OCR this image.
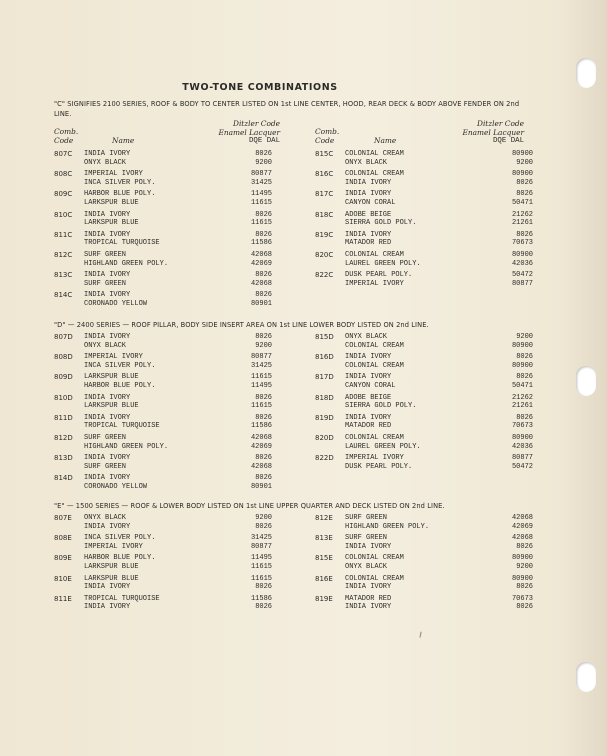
TWO-TONE COMBINATIONS
"C" SIGNIFIES 2100 SERIES, ROOF & BODY TO CENTER LISTED ON 1st LINE CENTER, HOOD, REAR DECK & BODY ABOVE FENDER ON 2nd LINE.
Comb.
Code	Name
Ditzler Code
Enamel Lacquer
DQE DAL
Comb.
Code	Name
Ditzler Code
Enamel Lacquer
DQE DAL
807C INDIA IVORY
ONYX BLACK
8026
9200
808C IMPERIAL IVORY
INCA SILVER POLY.
80877
31425
809C HARBOR BLUE POLY.
LARKSPUR BLUE
11495
11615
810C INDIA IVORY
LARKSPUR BLUE
8026
11615
811C INDIA IVORY
TROPICAL TURQUOISE
8026
11586
812C SURF GREEN
HIGHLAND GREEN POLY.
42068
42069
813C INDIA IVORY
SURF GREEN
8026
42068
814C INDIA IVORY
CORONADO YELLOW
8026
80901
815C COLONIAL CREAM
ONYX BLACK
80900
9200
816C COLONIAL CREAM
INDIA IVORY
80900
8026
817C INDIA IVORY
CANYON CORAL
8026
50471
818C ADOBE BEIGE
SIERRA GOLD POLY.
21262
21261
819C INDIA IVORY
MATADOR RED
8026
70673
820C COLONIAL CREAM
LAUREL GREEN POLY.
80900
42036
822C DUSK PEARL POLY.
IMPERIAL IVORY
50472
80877
"D" — 2400 SERIES — ROOF PILLAR, BODY SIDE INSERT AREA ON 1st LINE LOWER BODY LISTED ON 2nd LINE.
807D INDIA IVORY
ONYX BLACK
8026
9200
808D IMPERIAL IVORY
INCA SILVER POLY.
80877
31425
809D LARKSPUR BLUE
HARBOR BLUE POLY.
11615
11495
810D INDIA IVORY
LARKSPUR BLUE
8026
11615
811D INDIA IVORY
TROPICAL TURQUOISE
8026
11586
812D SURF GREEN
HIGHLAND GREEN POLY.
42068
42069
813D INDIA IVORY
SURF GREEN
8026
42068
814D INDIA IVORY
CORONADO YELLOW
8026
80901
815D ONYX BLACK
COLONIAL CREAM
9200
80900
816D INDIA IVORY
COLONIAL CREAM
8026
80900
817D INDIA IVORY
CANYON CORAL
8026
50471
818D ADOBE BEIGE
SIERRA GOLD POLY.
21262
21261
819D INDIA IVORY
MATADOR RED
8026
70673
820D COLONIAL CREAM
LAUREL GREEN POLY.
80900
42036
822D IMPERIAL IVORY
DUSK PEARL POLY.
80877
50472
"E" — 1500 SERIES — ROOF & LOWER BODY LISTED ON 1st LINE UPPER QUARTER AND DECK LISTED ON 2nd LINE.
807E ONYX BLACK
INDIA IVORY
9200
8026
808E INCA SILVER POLY.
IMPERIAL IVORY
31425
80877
809E HARBOR BLUE POLY.
LARKSPUR BLUE
11495
11615
810E LARKSPUR BLUE
INDIA IVORY
11615
8026
811E TROPICAL TURQUOISE
INDIA IVORY
11586
8026
812E SURF GREEN
HIGHLAND GREEN POLY.
42068
42069
813E SURF GREEN
INDIA IVORY
42068
8026
815E COLONIAL CREAM
ONYX BLACK
80900
9200
816E COLONIAL CREAM
INDIA IVORY
80900
8026
819E MATADOR RED
INDIA IVORY
70673
8026
